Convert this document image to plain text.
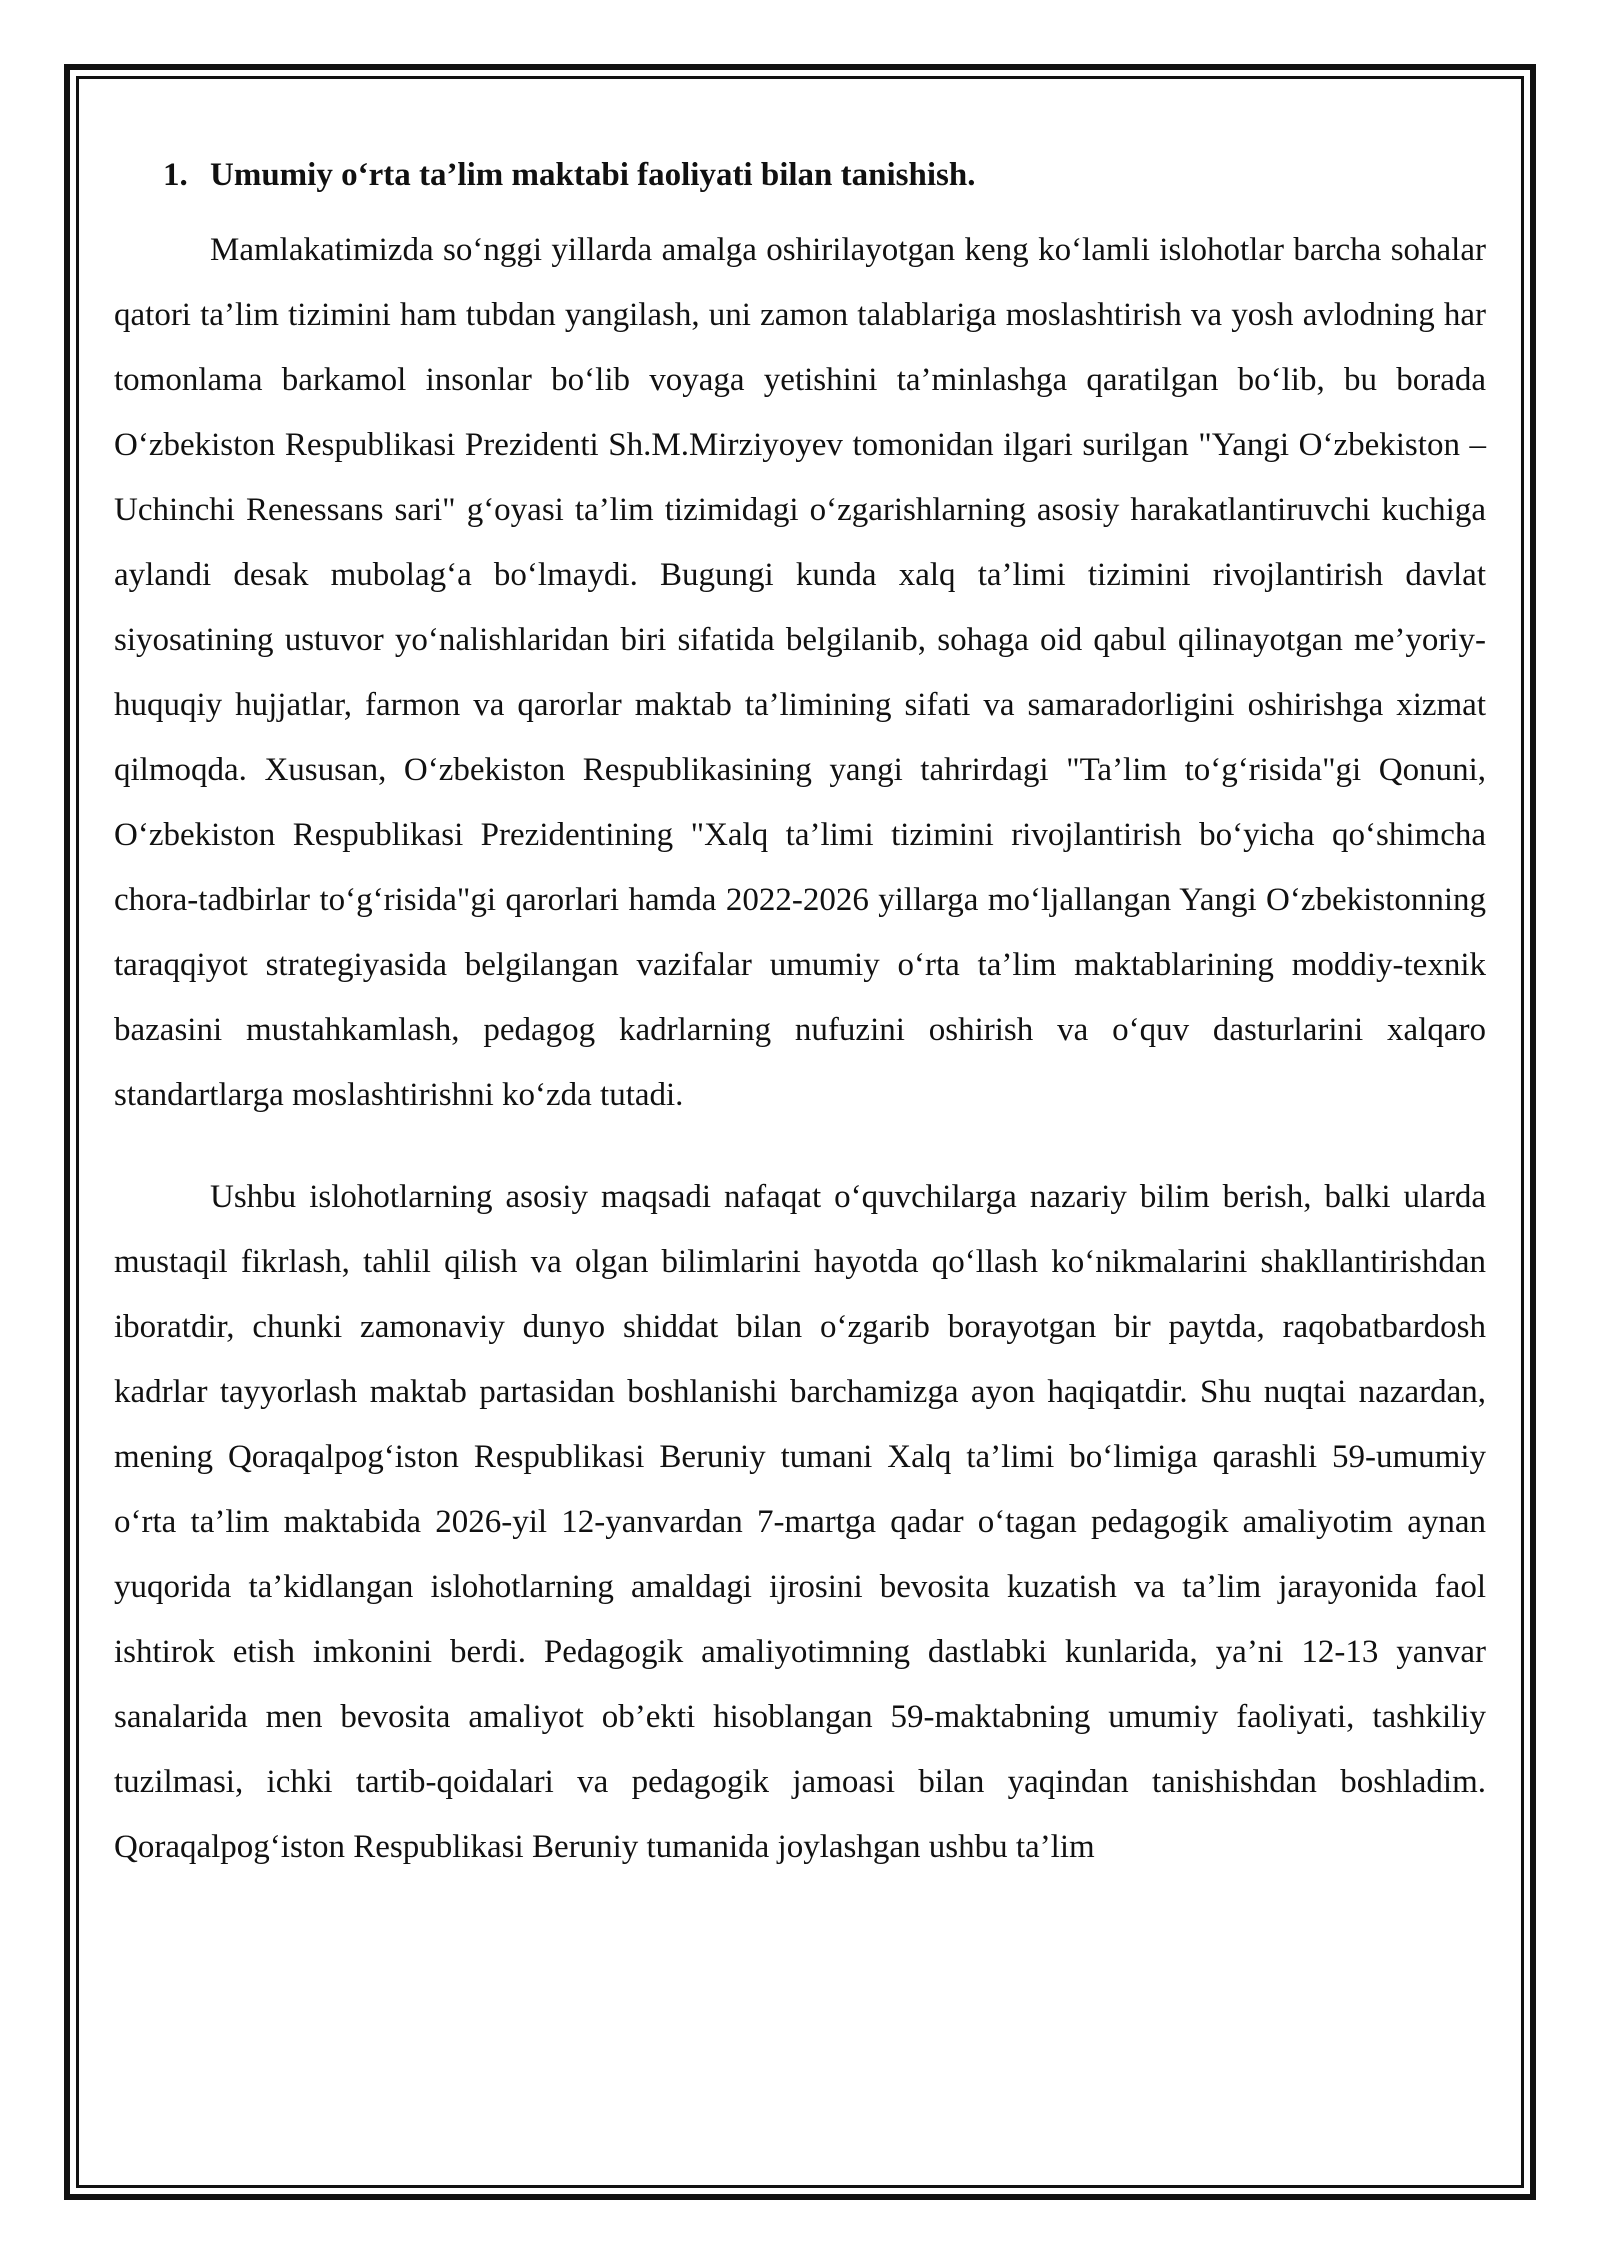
1. Umumiy o‘rta ta’lim maktabi faoliyati bilan tanishish.

Mamlakatimizda so‘nggi yillarda amalga oshirilayotgan keng ko‘lamli islohotlar barcha sohalar qatori ta’lim tizimini ham tubdan yangilash, uni zamon talablariga moslashtirish va yosh avlodning har tomonlama barkamol insonlar bo‘lib voyaga yetishini ta’minlashga qaratilgan bo‘lib, bu borada O‘zbekiston Respublikasi Prezidenti Sh.M.Mirziyoyev tomonidan ilgari surilgan "Yangi O‘zbekiston – Uchinchi Renessans sari" g‘oyasi ta’lim tizimidagi o‘zgarishlarning asosiy harakatlantiruvchi kuchiga aylandi desak mubolag‘a bo‘lmaydi. Bugungi kunda xalq ta’limi tizimini rivojlantirish davlat siyosatining ustuvor yo‘nalishlaridan biri sifatida belgilanib, sohaga oid qabul qilinayotgan me’yoriy-huquqiy hujjatlar, farmon va qarorlar maktab ta’limining sifati va samaradorligini oshirishga xizmat qilmoqda. Xususan, O‘zbekiston Respublikasining yangi tahrirdagi "Ta’lim to‘g‘risida"gi Qonuni, O‘zbekiston Respublikasi Prezidentining "Xalq ta’limi tizimini rivojlantirish bo‘yicha qo‘shimcha chora-tadbirlar to‘g‘risida"gi qarorlari hamda 2022-2026 yillarga mo‘ljallangan Yangi O‘zbekistonning taraqqiyot strategiyasida belgilangan vazifalar umumiy o‘rta ta’lim maktablarining moddiy-texnik bazasini mustahkamlash, pedagog kadrlarning nufuzini oshirish va o‘quv dasturlarini xalqaro standartlarga moslashtirishni ko‘zda tutadi.

Ushbu islohotlarning asosiy maqsadi nafaqat o‘quvchilarga nazariy bilim berish, balki ularda mustaqil fikrlash, tahlil qilish va olgan bilimlarini hayotda qo‘llash ko‘nikmalarini shakllantirishdan iboratdir, chunki zamonaviy dunyo shiddat bilan o‘zgarib borayotgan bir paytda, raqobatbardosh kadrlar tayyorlash maktab partasidan boshlanishi barchamizga ayon haqiqatdir. Shu nuqtai nazardan, mening Qoraqalpog‘iston Respublikasi Beruniy tumani Xalq ta’limi bo‘limiga qarashli 59-umumiy o‘rta ta’lim maktabida 2026-yil 12-yanvardan 7-martga qadar o‘tagan pedagogik amaliyotim aynan yuqorida ta’kidlangan islohotlarning amaldagi ijrosini bevosita kuzatish va ta’lim jarayonida faol ishtirok etish imkonini berdi. Pedagogik amaliyotimning dastlabki kunlarida, ya’ni 12-13 yanvar sanalarida men bevosita amaliyot ob’ekti hisoblangan 59-maktabning umumiy faoliyati, tashkiliy tuzilmasi, ichki tartib-qoidalari va pedagogik jamoasi bilan yaqindan tanishishdan boshladim. Qoraqalpog‘iston Respublikasi Beruniy tumanida joylashgan ushbu ta’lim
